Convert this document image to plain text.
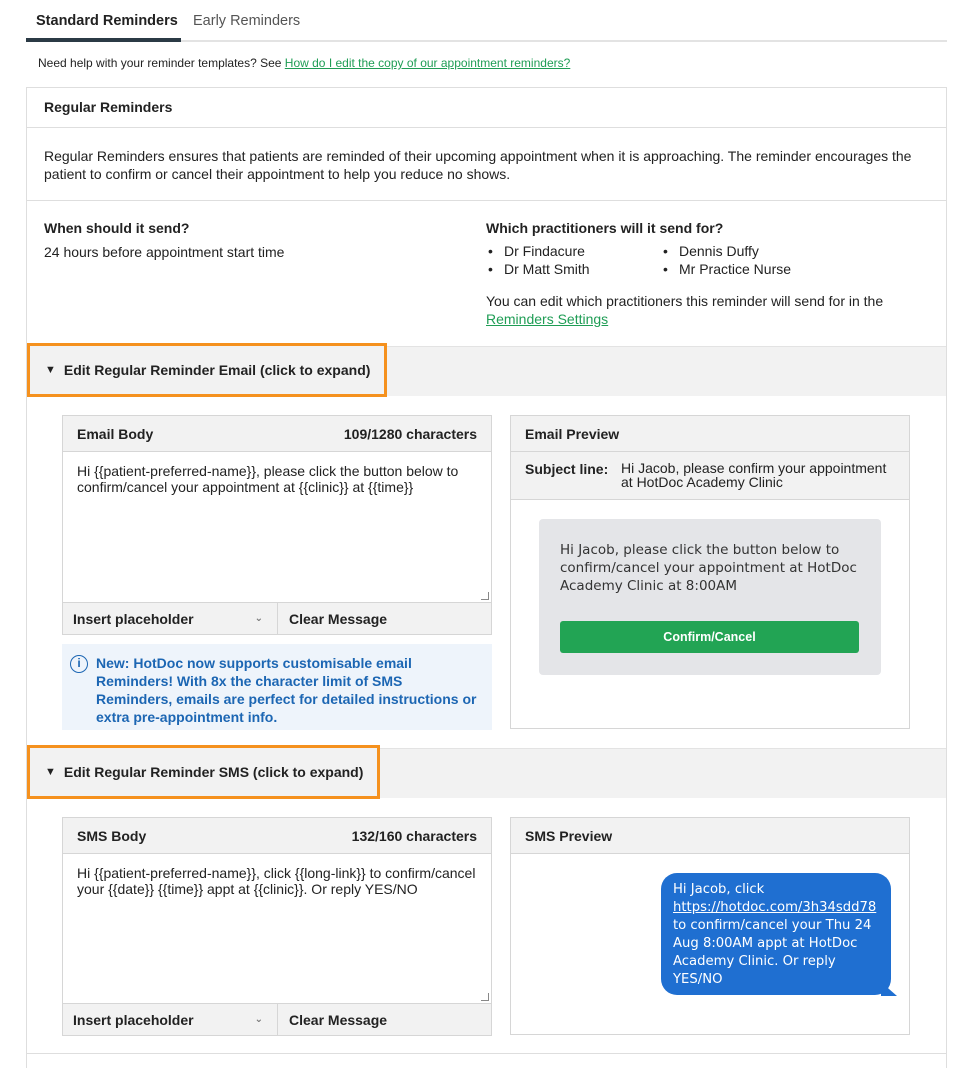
Standard Reminders Early Reminders
Need help with your reminder templates? See How do I edit the copy of our appointment reminders?
Regular Reminders
Regular Reminders ensures that patients are reminded of their upcoming appointment when it is approaching. The reminder encourages the patient to confirm or cancel their appointment to help you reduce no shows.
When should it send?
24 hours before appointment start time
Which practitioners will it send for?
• Dr Findacure	• Dennis Duffy
• Dr Matt Smith	• Mr Practice Nurse
You can edit which practitioners this reminder will send for in the Reminders Settings
▼ Edit Regular Reminder Email (click to expand)
Email Body	109/1280 characters
Hi {{patient-preferred-name}}, please click the button below to confirm/cancel your appointment at {{clinic}} at {{time}}
Insert placeholder	⌄	Clear Message
i	New: HotDoc now supports customisable email Reminders! With 8x the character limit of SMS Reminders, emails are perfect for detailed instructions or extra pre-appointment info.
Email Preview
Subject line: Hi Jacob, please confirm your appointment at HotDoc Academy Clinic
Hi Jacob, please click the button below to confirm/cancel your appointment at HotDoc Academy Clinic at 8:00AM
Confirm/Cancel
▼ Edit Regular Reminder SMS (click to expand)
SMS Body	132/160 characters
Hi {{patient-preferred-name}}, click {{long-link}} to confirm/cancel your {{date}} {{time}} appt at {{clinic}}. Or reply YES/NO
Insert placeholder	⌄	Clear Message
SMS Preview
Hi Jacob, click
https://hotdoc.com/3h34sdd78 to confirm/cancel your Thu 24 Aug 8:00AM appt at HotDoc Academy Clinic. Or reply YES/NO
